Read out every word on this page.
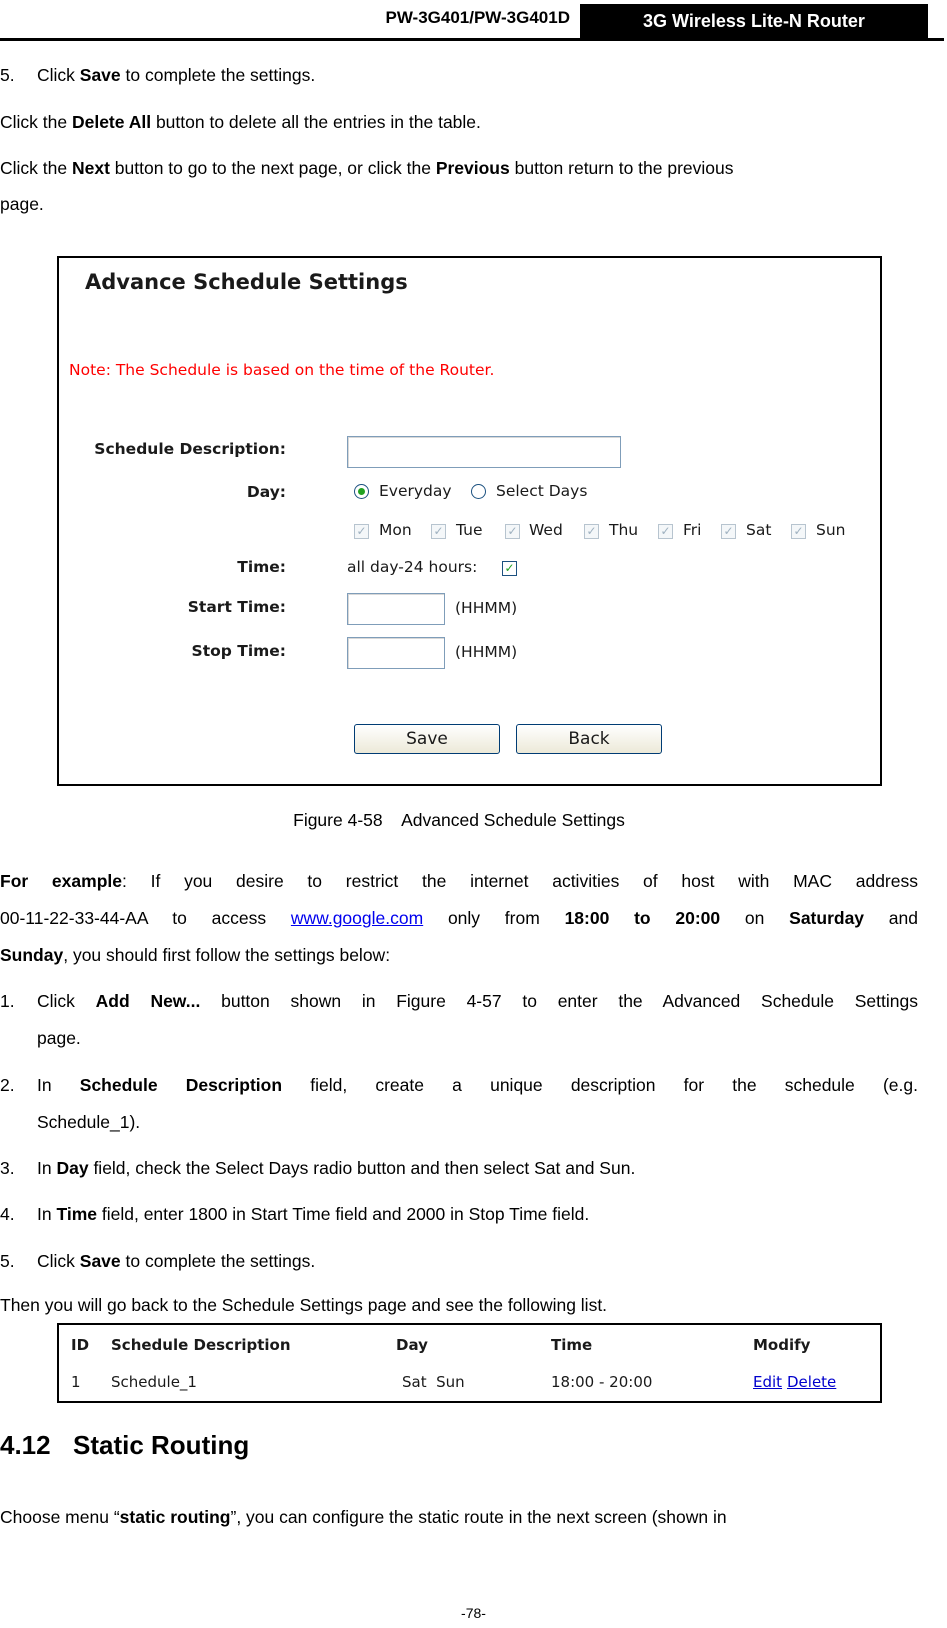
PW-3G401/PW-3G401D	3G Wireless Lite-N Router
5. Click Save to complete the settings.
Click the Delete All button to delete all the entries in the table.
Click the Next button to go to the next page, or click the Previous button return to the previous
page.
Advance Schedule Settings
Note: The Schedule is based on the time of the Router.
Schedule Description:
Day:	Everyday	Select Days
✓ Mon ✓ Tue ✓ Wed ✓ Thu ✓ Fri ✓ Sat ✓ Sun
Time:	all day-24 hours: ✓
Start Time:	(HHMM)
Stop Time:	(HHMM)
Save	Back
Figure 4-58    Advanced Schedule Settings
For example: If you desire to restrict the internet activities of host with MAC address
00-11-22-33-44-AA to access www.google.com only from 18:00 to 20:00 on Saturday and
Sunday, you should first follow the settings below:
1. Click Add New... button shown in Figure 4-57 to enter the Advanced Schedule Settings
page.
2. In Schedule Description field, create a unique description for the schedule (e.g.
Schedule_1).
3. In Day field, check the Select Days radio button and then select Sat and Sun.
4. In Time field, enter 1800 in Start Time field and 2000 in Stop Time field.
5. Click Save to complete the settings.
Then you will go back to the Schedule Settings page and see the following list.
ID Schedule Description	Day	Time	Modify
1 Schedule_1	Sat  Sun	18:00 - 20:00	Edit Delete
4.12 Static Routing
Choose menu “static routing”, you can configure the static route in the next screen (shown in
-78-
